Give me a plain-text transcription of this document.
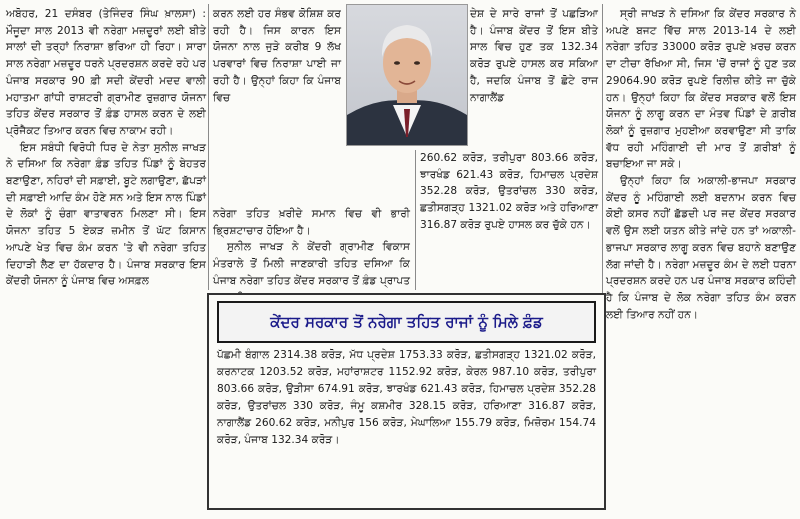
ਅਬੋਹਰ, 21 ਦਸੰਬਰ (ਤੇਜਿੰਦਰ ਸਿੰਘ ਖ਼ਾਲਸਾ) : ਮੌਜੂਦਾ ਸਾਲ 2013 ਵੀ ਨਰੇਗਾ ਮਜ਼ਦੂਰਾਂ ਲਈ ਬੀਤੇ ਸਾਲਾਂ ਦੀ ਤਰ੍ਹਾਂ ਨਿਰਾਸ਼ਾ ਭਰਿਆ ਹੀ ਰਿਹਾ। ਸਾਰਾ ਸਾਲ ਨਰੇਗਾ ਮਜ਼ਦੂਰ ਧਰਨੇ ਪ੍ਰਦਰਸ਼ਨ ਕਰਦੇ ਰਹੇ ਪਰ ਪੰਜਾਬ ਸਰਕਾਰ 90 ਫ਼ੀ ਸਦੀ ਕੇਂਦਰੀ ਮਦਦ ਵਾਲੀ ਮਹਾਤਮਾ ਗਾਂਧੀ ਰਾਸ਼ਟਰੀ ਗ੍ਰਾਮੀਣ ਰੁਜ਼ਗਾਰ ਯੋਜਨਾ ਤਹਿਤ ਕੇਂਦਰ ਸਰਕਾਰ ਤੋਂ ਫ਼ੰਡ ਹਾਸਲ ਕਰਨ ਦੇ ਲਈ ਪ੍ਰੋਜੈਕਟ ਤਿਆਰ ਕਰਨ ਵਿਚ ਨਾਕਾਮ ਰਹੀ।

ਇਸ ਸਬੰਧੀ ਵਿਰੋਧੀ ਧਿਰ ਦੇ ਨੇਤਾ ਸੁਨੀਲ ਜਾਖੜ ਨੇ ਦਸਿਆ ਕਿ ਨਰੇਗਾ ਫ਼ੰਡ ਤਹਿਤ ਪਿੰਡਾਂ ਨੂੰ ਬੇਹਤਰ ਬਣਾਉਣਾ, ਨਹਿਰਾਂ ਦੀ ਸਫ਼ਾਈ, ਬੂਟੇ ਲਗਾਉਣਾ, ਛੱਪੜਾਂ ਦੀ ਸਫ਼ਾਈ ਆਦਿ ਕੰਮ ਹੋਣੇ ਸਨ ਅਤੇ ਇਸ ਨਾਲ ਪਿੰਡਾਂ ਦੇ ਲੋਕਾਂ ਨੂੰ ਚੰਗਾ ਵਾਤਾਵਰਨ ਮਿਲਣਾ ਸੀ। ਇਸ ਯੋਜਨਾ ਤਹਿਤ 5 ਏਕੜ ਜ਼ਮੀਨ ਤੋਂ ਘੱਟ ਕਿਸਾਨ ਆਪਣੇ ਖੇਤ ਵਿਚ ਕੰਮ ਕਰਨ 'ਤੇ ਵੀ ਨਰੇਗਾ ਤਹਿਤ ਦਿਹਾੜੀ ਲੈਣ ਦਾ ਹੱਕਦਾਰ ਹੈ। ਪੰਜਾਬ ਸਰਕਾਰ ਇਸ ਕੇਂਦਰੀ ਯੋਜਨਾ ਨੂੰ ਪੰਜਾਬ ਵਿਚ ਅਸਫ਼ਲ

ਕਰਨ ਲਈ ਹਰ ਸੰਭਵ ਕੋਸ਼ਿਸ਼ ਕਰ ਰਹੀ ਹੈ। ਜਿਸ ਕਾਰਨ ਇਸ ਯੋਜਨਾ ਨਾਲ ਜੁੜੇ ਕਰੀਬ 9 ਲੱਖ ਪਰਵਾਰਾਂ ਵਿਚ ਨਿਰਾਸ਼ਾ ਪਾਈ ਜਾ ਰਹੀ ਹੈ। ਉਨ੍ਹਾਂ ਕਿਹਾ ਕਿ ਪੰਜਾਬ ਵਿਚ

ਨਰੇਗਾ ਤਹਿਤ ਖ਼ਰੀਦੇ ਸਮਾਨ ਵਿਚ ਵੀ ਭਾਰੀ ਭ੍ਰਿਸ਼ਟਾਚਾਰ ਹੋਇਆ ਹੈ।

ਸੁਨੀਲ ਜਾਖੜ ਨੇ ਕੇਂਦਰੀ ਗ੍ਰਾਮੀਣ ਵਿਕਾਸ ਮੰਤਰਾਲੇ ਤੋਂ ਮਿਲੀ ਜਾਣਕਾਰੀ ਤਹਿਤ ਦਸਿਆ ਕਿ ਪੰਜਾਬ ਨਰੇਗਾ ਤਹਿਤ ਕੇਂਦਰ ਸਰਕਾਰ ਤੋਂ ਫ਼ੰਡ ਪ੍ਰਾਪਤ

ਦੇਸ਼ ਦੇ ਸਾਰੇ ਰਾਜਾਂ ਤੋਂ ਪਛੜਿਆ ਹੈ। ਪੰਜਾਬ ਕੇਂਦਰ ਤੋਂ ਇਸ ਬੀਤੇ ਸਾਲ ਵਿਚ ਹੁਣ ਤਕ 132.34 ਕਰੋੜ ਰੁਪਏ ਹਾਸਲ ਕਰ ਸਕਿਆ ਹੈ, ਜਦਕਿ ਪੰਜਾਬ ਤੋਂ ਛੋਟੇ ਰਾਜ ਨਾਗਾਲੈਂਡ

260.62 ਕਰੋੜ, ਤਰੀਪੁਰਾ 803.66 ਕਰੋੜ, ਝਾਰਖੰਡ 621.43 ਕਰੋੜ, ਹਿਮਾਚਲ ਪ੍ਰਦੇਸ਼ 352.28 ਕਰੋੜ, ਉਤਰਾਂਚਲ 330 ਕਰੋੜ, ਛਤੀਸਗੜ੍ਹ 1321.02 ਕਰੋੜ ਅਤੇ ਹਰਿਆਣਾ 316.87 ਕਰੋੜ ਰੁਪਏ ਹਾਸਲ ਕਰ ਚੁੱਕੇ ਹਨ।

ਸ੍ਰੀ ਜਾਖੜ ਨੇ ਦਸਿਆ ਕਿ ਕੇਂਦਰ ਸਰਕਾਰ ਨੇ ਅਪਣੇ ਬਜਟ ਵਿੱਚ ਸਾਲ 2013-14 ਦੇ ਲਈ ਨਰੇਗਾ ਤਹਿਤ 33000 ਕਰੋੜ ਰੁਪਏ ਖ਼ਰਚ ਕਰਨ ਦਾ ਟੀਚਾ ਰੱਖਿਆ ਸੀ, ਜਿਸ 'ਚੋਂ ਰਾਜਾਂ ਨੂੰ ਹੁਣ ਤਕ 29064.90 ਕਰੋੜ ਰੁਪਏ ਰਿਲੀਜ਼ ਕੀਤੇ ਜਾ ਚੁੱਕੇ ਹਨ। ਉਨ੍ਹਾਂ ਕਿਹਾ ਕਿ ਕੇਂਦਰ ਸਰਕਾਰ ਵਲੋਂ ਇਸ ਯੋਜਨਾ ਨੂੰ ਲਾਗੂ ਕਰਨ ਦਾ ਮੰਤਵ ਪਿੰਡਾਂ ਦੇ ਗ਼ਰੀਬ ਲੋਕਾਂ ਨੂੰ ਰੁਜ਼ਗਾਰ ਮੁਹਈਆ ਕਰਵਾਉਣਾ ਸੀ ਤਾਕਿ ਵੱਧ ਰਹੀ ਮਹਿੰਗਾਈ ਦੀ ਮਾਰ ਤੋਂ ਗ਼ਰੀਬਾਂ ਨੂੰ ਬਚਾਇਆ ਜਾ ਸਕੇ।

ਉਨ੍ਹਾਂ ਕਿਹਾ ਕਿ ਅਕਾਲੀ-ਭਾਜਪਾ ਸਰਕਾਰ ਕੇਂਦਰ ਨੂੰ ਮਹਿੰਗਾਈ ਲਈ ਬਦਨਾਮ ਕਰਨ ਵਿਚ ਕੋਈ ਕਸਰ ਨਹੀਂ ਛੱਡਦੀ ਪਰ ਜਦ ਕੇਂਦਰ ਸਰਕਾਰ ਵਲੋਂ ਉਸ ਲਈ ਯਤਨ ਕੀਤੇ ਜਾਂਦੇ ਹਨ ਤਾਂ ਅਕਾਲੀ-ਭਾਜਪਾ ਸਰਕਾਰ ਲਾਗੂ ਕਰਨ ਵਿਚ ਬਹਾਨੇ ਬਣਾਉਣ ਲੱਗ ਜਾਂਦੀ ਹੈ। ਨਰੇਗਾ ਮਜ਼ਦੂਰ ਕੰਮ ਦੇ ਲਈ ਧਰਨਾ ਪ੍ਰਦਰਸ਼ਨ ਕਰਦੇ ਹਨ ਪਰ ਪੰਜਾਬ ਸਰਕਾਰ ਕਹਿੰਦੀ ਹੈ ਕਿ ਪੰਜਾਬ ਦੇ ਲੋਕ ਨਰੇਗਾ ਤਹਿਤ ਕੰਮ ਕਰਨ ਲਈ ਤਿਆਰ ਨਹੀਂ ਹਨ।

ਕੇਂਦਰ ਸਰਕਾਰ ਤੋਂ ਨਰੇਗਾ ਤਹਿਤ ਰਾਜਾਂ ਨੂੰ ਮਿਲੇ ਫ਼ੰਡ
ਪੱਛਮੀ ਬੰਗਾਲ 2314.38 ਕਰੋੜ, ਮੱਧ ਪ੍ਰਦੇਸ਼ 1753.33 ਕਰੋੜ, ਛਤੀਸਗੜ੍ਹ 1321.02 ਕਰੋੜ, ਕਰਨਾਟਕ 1203.52 ਕਰੋੜ, ਮਹਾਂਰਾਸ਼ਟਰ 1152.92 ਕਰੋੜ, ਕੇਰਲ 987.10 ਕਰੋੜ, ਤਰੀਪੁਰਾ 803.66 ਕਰੋੜ, ਉੜੀਸਾ 674.91 ਕਰੋੜ, ਝਾਰਖੰਡ 621.43 ਕਰੋੜ, ਹਿਮਾਚਲ ਪ੍ਰਦੇਸ਼ 352.28 ਕਰੋੜ, ਉਤਰਾਂਚਲ 330 ਕਰੋੜ, ਜੰਮੂ ਕਸ਼ਮੀਰ 328.15 ਕਰੋੜ, ਹਰਿਆਣਾ 316.87 ਕਰੋੜ, ਨਾਗਾਲੈਂਡ 260.62 ਕਰੋੜ, ਮਨੀਪੁਰ 156 ਕਰੋੜ, ਮੇਘਾਲਿਆ 155.79 ਕਰੋੜ, ਮਿਜ਼ੋਰਮ 154.74 ਕਰੋੜ, ਪੰਜਾਬ 132.34 ਕਰੋੜ।
